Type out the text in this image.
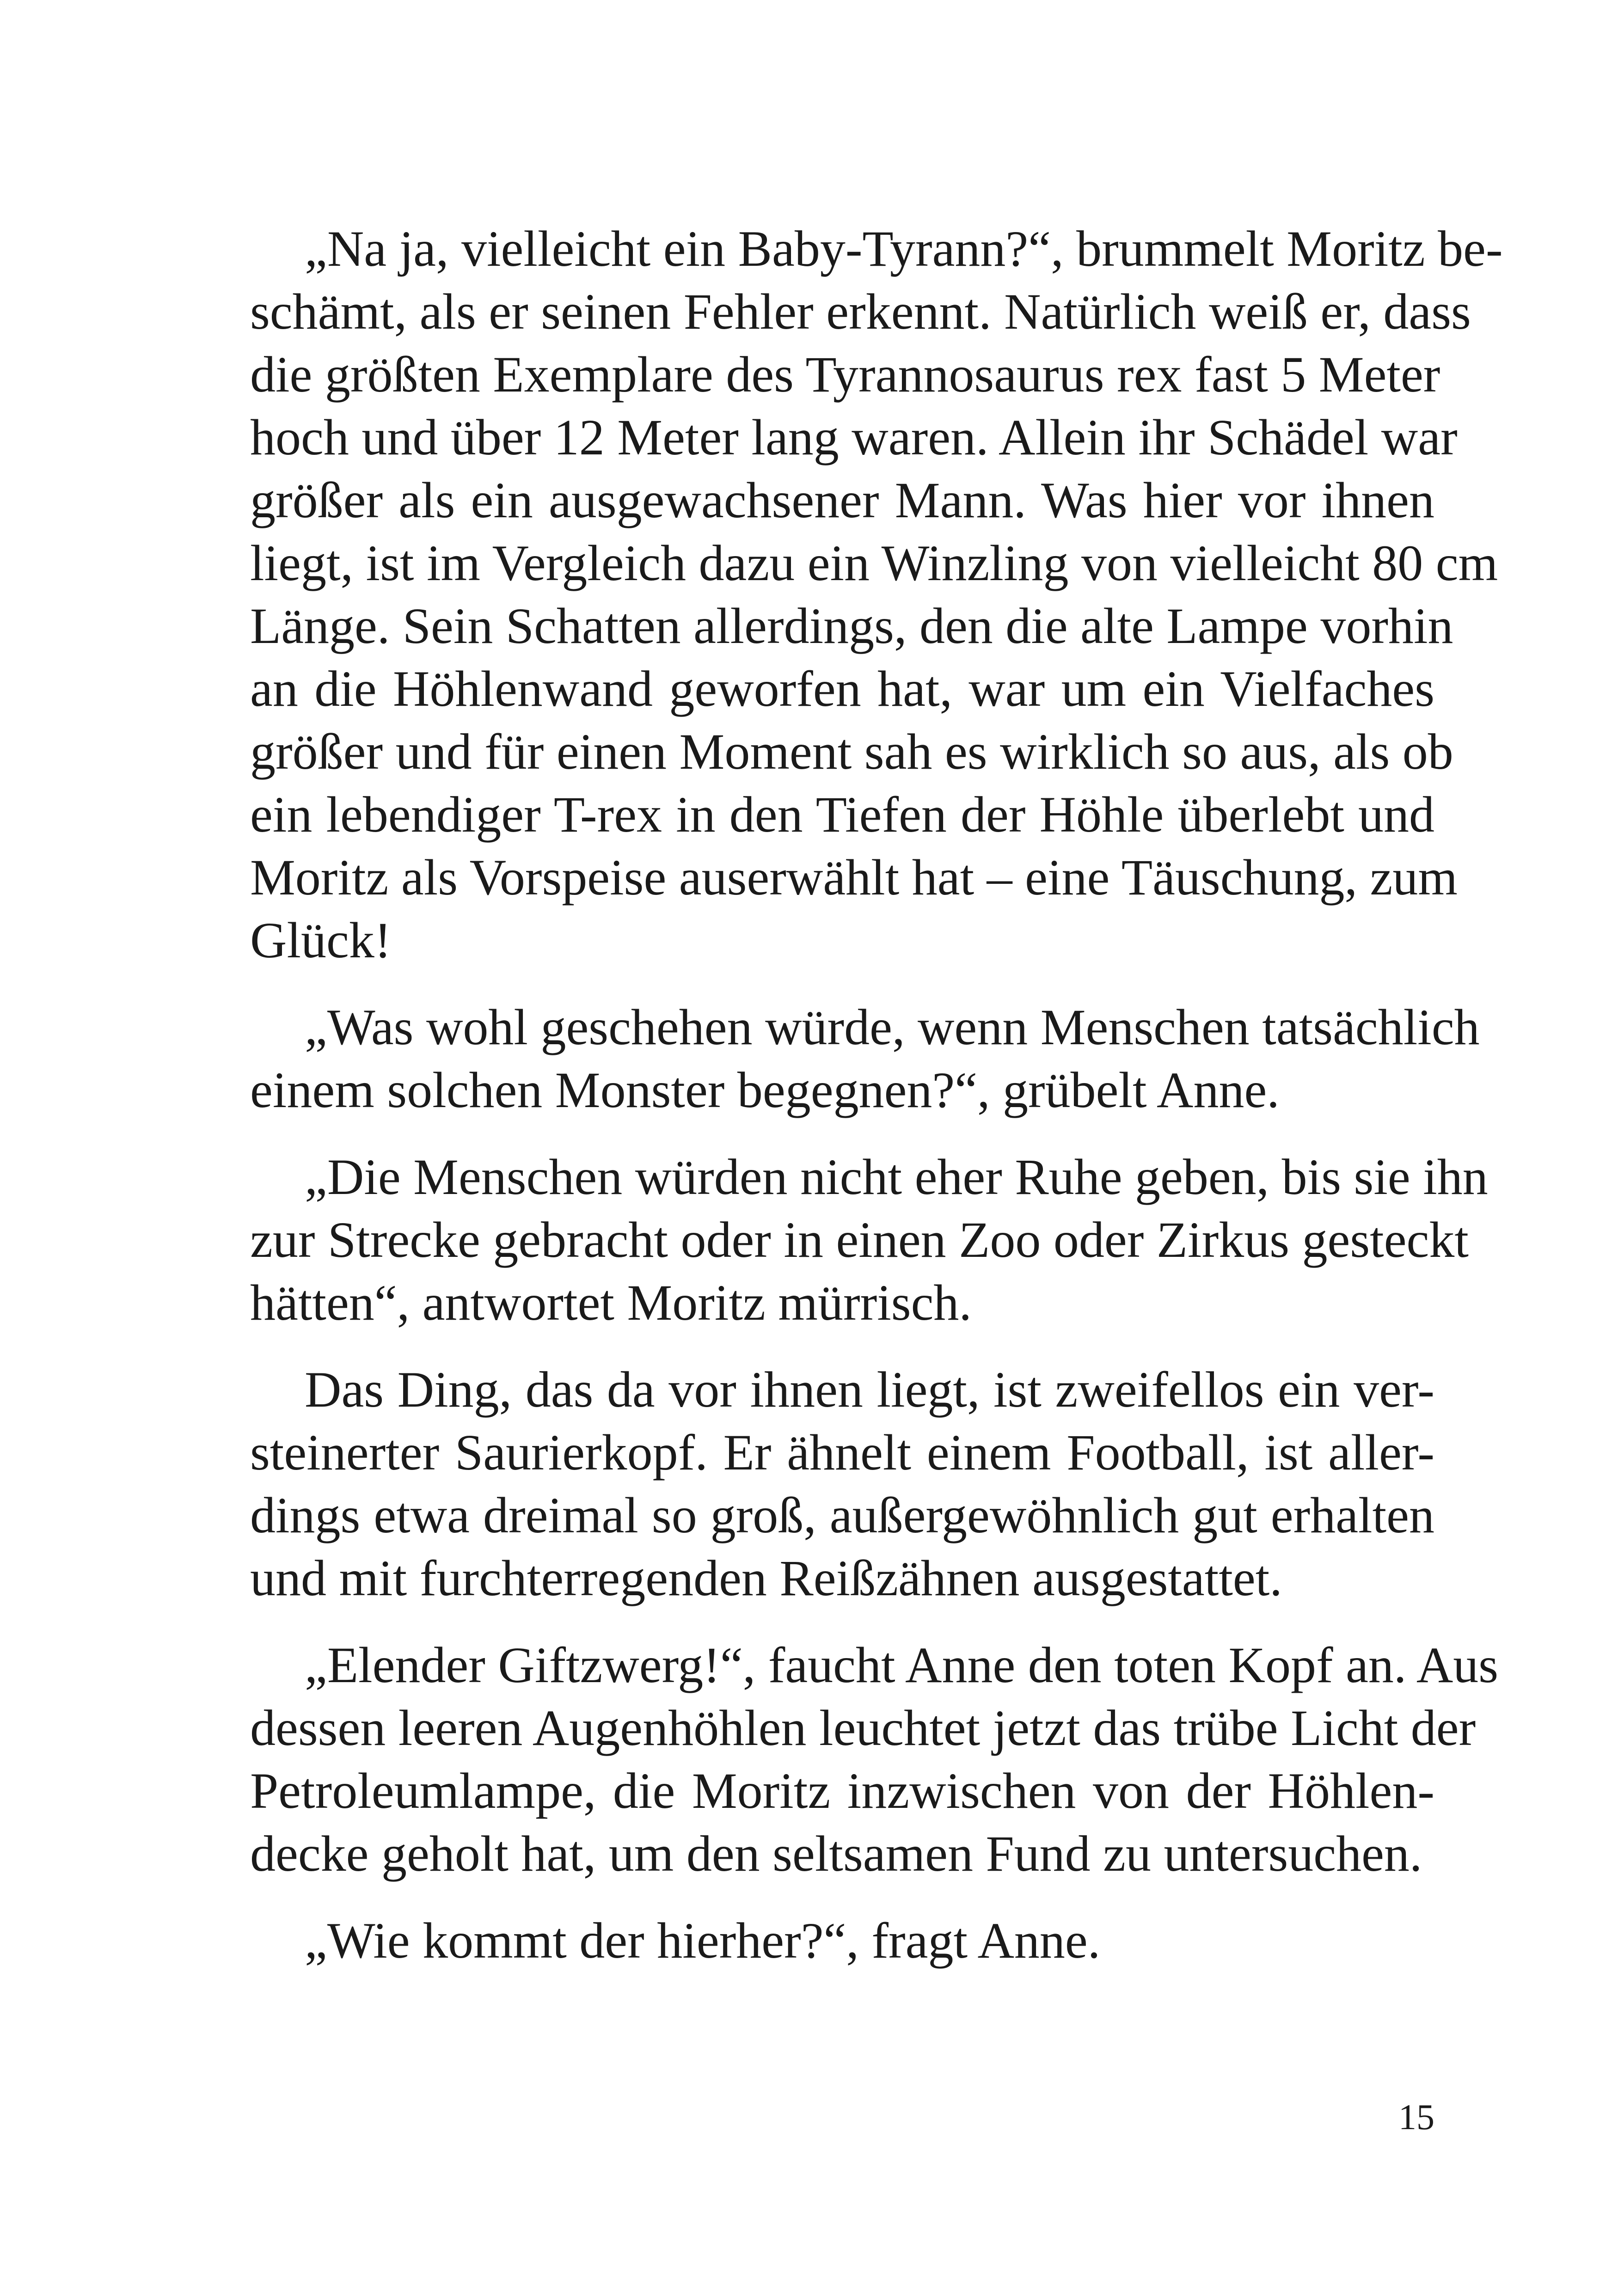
„Na ja, vielleicht ein Baby-Tyrann?“, brummelt Moritz be-
schämt, als er seinen Fehler erkennt. Natürlich weiß er, dass
die größten Exemplare des Tyrannosaurus rex fast 5 Meter
hoch und über 12 Meter lang waren. Allein ihr Schädel war
größer als ein ausgewachsener Mann. Was hier vor ihnen
liegt, ist im Vergleich dazu ein Winzling von vielleicht 80 cm
Länge. Sein Schatten allerdings, den die alte Lampe vorhin
an die Höhlenwand geworfen hat, war um ein Vielfaches
größer und für einen Moment sah es wirklich so aus, als ob
ein lebendiger T-rex in den Tiefen der Höhle überlebt und
Moritz als Vorspeise auserwählt hat – eine Täuschung, zum
Glück!

„Was wohl geschehen würde, wenn Menschen tatsächlich
einem solchen Monster begegnen?“, grübelt Anne.

„Die Menschen würden nicht eher Ruhe geben, bis sie ihn
zur Strecke gebracht oder in einen Zoo oder Zirkus gesteckt
hätten“, antwortet Moritz mürrisch.

Das Ding, das da vor ihnen liegt, ist zweifellos ein ver-
steinerter Saurierkopf. Er ähnelt einem Football, ist aller-
dings etwa dreimal so groß, außergewöhnlich gut erhalten
und mit furchterregenden Reißzähnen ausgestattet.

„Elender Giftzwerg!“, faucht Anne den toten Kopf an. Aus
dessen leeren Augenhöhlen leuchtet jetzt das trübe Licht der
Petroleumlampe, die Moritz inzwischen von der Höhlen-
decke geholt hat, um den seltsamen Fund zu untersuchen.

„Wie kommt der hierher?“, fragt Anne.

15
